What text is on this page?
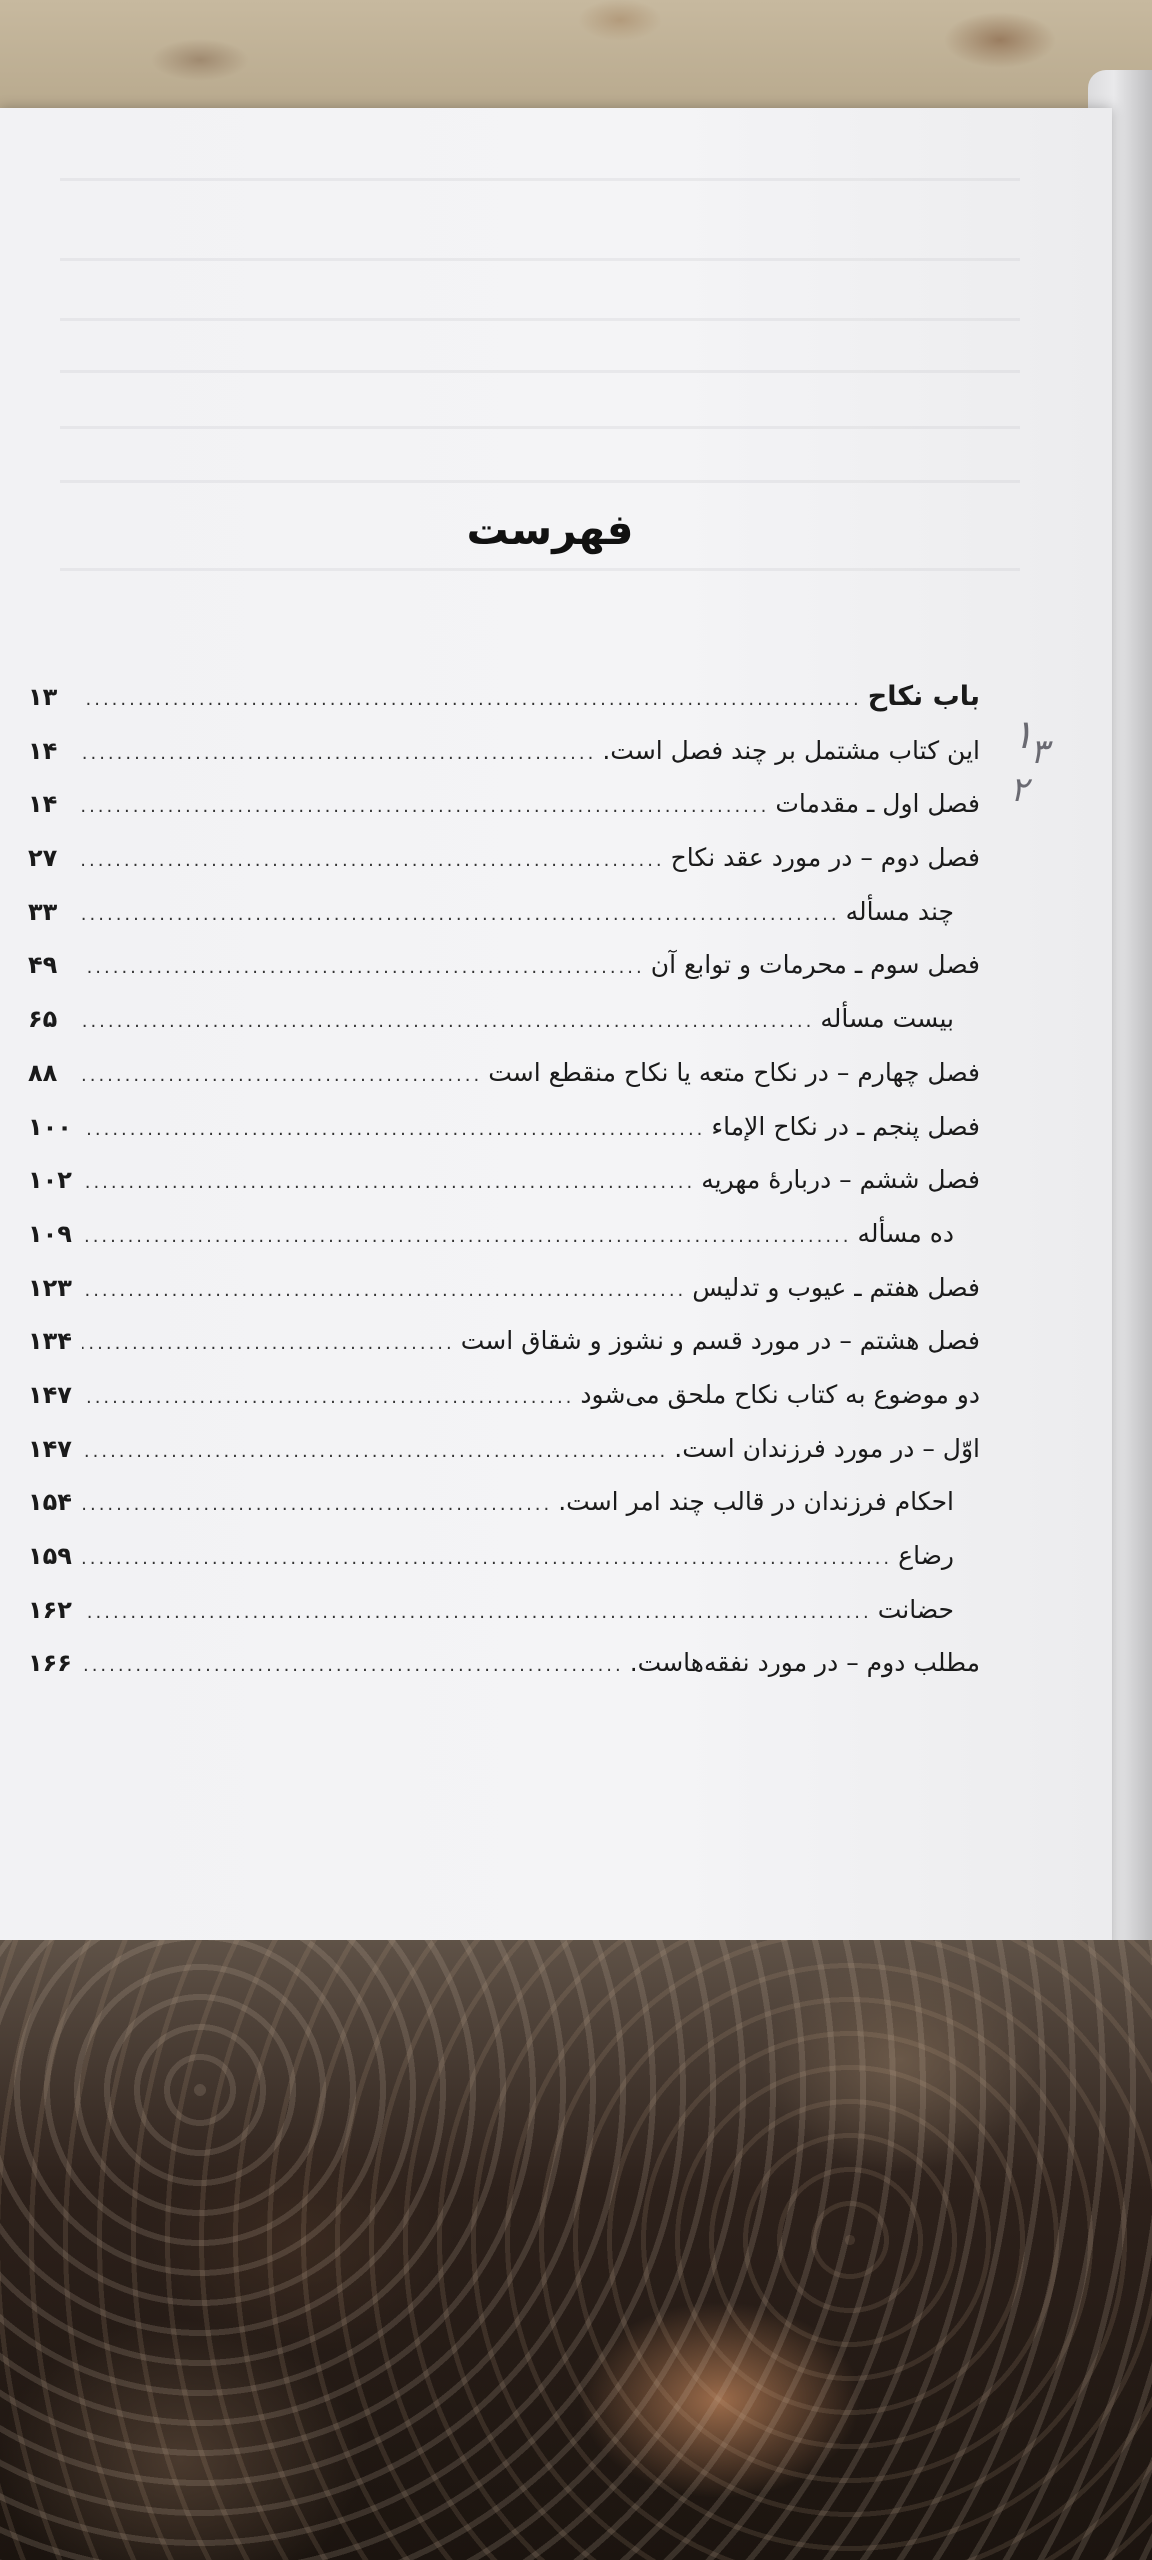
فهرست
باب نکاح
.....
۱۳
این کتاب مشتمل بر چند فصل است.
.....
۱۴
فصل اول ـ مقدمات
.....
۱۴
فصل دوم – در مورد عقد نکاح
.....
۲۷
چند مسأله
.....
۳۳
فصل سوم ـ محرمات و توابع آن
.....
۴۹
بیست مسأله
.....
۶۵
فصل چهارم – در نکاح متعه یا نکاح منقطع است
.....
۸۸
فصل پنجم ـ در نکاح الإماء
.....
۱۰۰
فصل ششم – دربارهٔ مهریه
.....
۱۰۲
ده مسأله
.....
۱۰۹
فصل هفتم ـ عیوب و تدلیس
.....
۱۲۳
فصل هشتم – در مورد قسم و نشوز و شقاق است
.....
۱۳۴
دو موضوع به کتاب نکاح ملحق می‌شود
.....
۱۴۷
اوّل – در مورد فرزندان است.
.....
۱۴۷
احکام فرزندان در قالب چند امر است.
.....
۱۵۴
رضاع
.....
۱۵۹
حضانت
.....
۱۶۲
مطلب دوم – در مورد نفقه‌هاست.
.....
۱۶۶
۱
۳
۲
